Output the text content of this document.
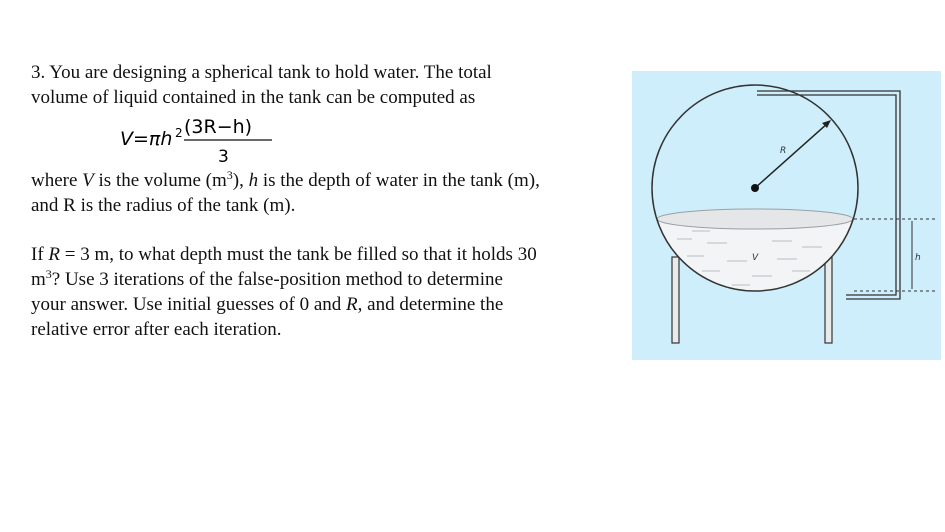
3. You are designing a spherical tank to hold water. The total
volume of liquid contained in the tank can be computed as
V=πh 2 (3R−h)
3
where V is the volume $(m^3)$, h is the depth of water in the tank (m),
and R is the radius of the tank (m).
If R = 3 m, to what depth must the tank be filled so that it holds 30
$m^3$? Use 3 iterations of the false-position method to determine
your answer. Use initial guesses of 0 and R, and determine the
relative error after each iteration.
V
R
h
